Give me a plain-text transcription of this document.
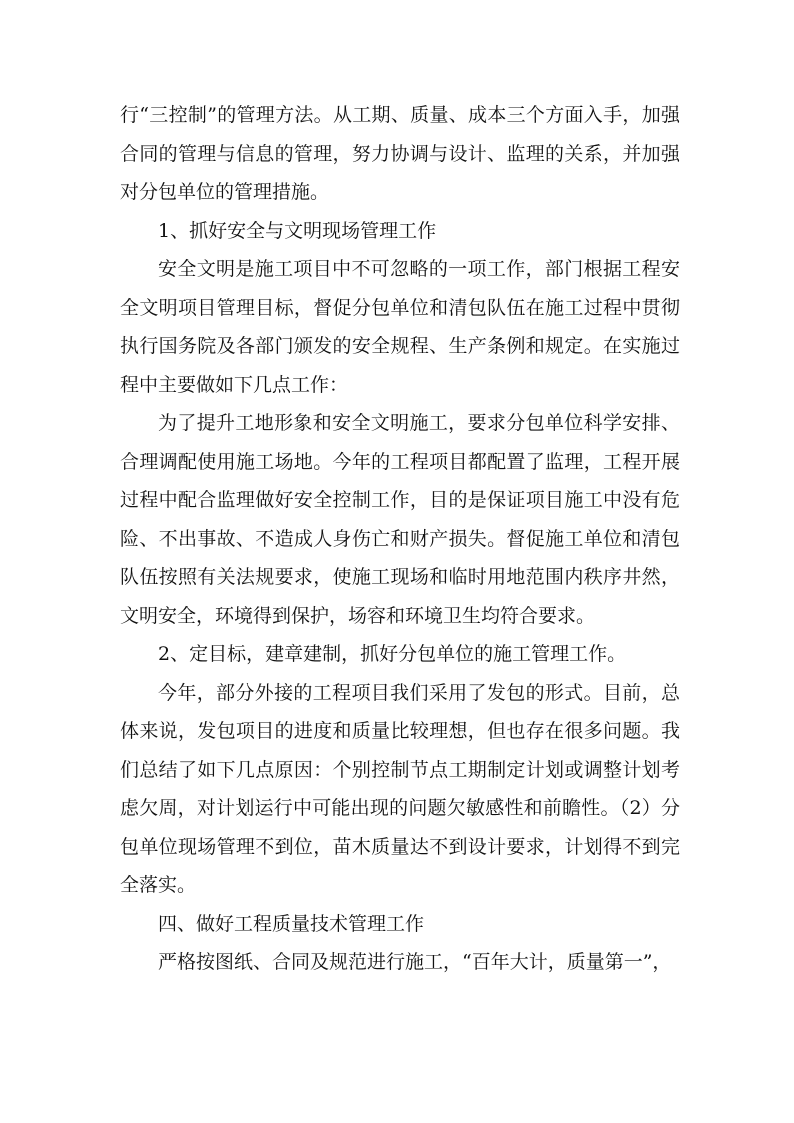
行“三控制”的管理方法。从工期、质量、成本三个方面入手，加强合同的管理与信息的管理，努力协调与设计、监理的关系，并加强对分包单位的管理措施。

1、抓好安全与文明现场管理工作

安全文明是施工项目中不可忽略的一项工作，部门根据工程安全文明项目管理目标，督促分包单位和清包队伍在施工过程中贯彻执行国务院及各部门颁发的安全规程、生产条例和规定。在实施过程中主要做如下几点工作：

为了提升工地形象和安全文明施工，要求分包单位科学安排、合理调配使用施工场地。今年的工程项目都配置了监理，工程开展过程中配合监理做好安全控制工作，目的是保证项目施工中没有危险、不出事故、不造成人身伤亡和财产损失。督促施工单位和清包队伍按照有关法规要求，使施工现场和临时用地范围内秩序井然，文明安全，环境得到保护，场容和环境卫生均符合要求。

2、定目标，建章建制，抓好分包单位的施工管理工作。

今年，部分外接的工程项目我们采用了发包的形式。目前，总体来说，发包项目的进度和质量比较理想，但也存在很多问题。我们总结了如下几点原因：个别控制节点工期制定计划或调整计划考虑欠周，对计划运行中可能出现的问题欠敏感性和前瞻性。（2）分包单位现场管理不到位，苗木质量达不到设计要求，计划得不到完全落实。

四、做好工程质量技术管理工作

严格按图纸、合同及规范进行施工，“百年大计，质量第一”，
